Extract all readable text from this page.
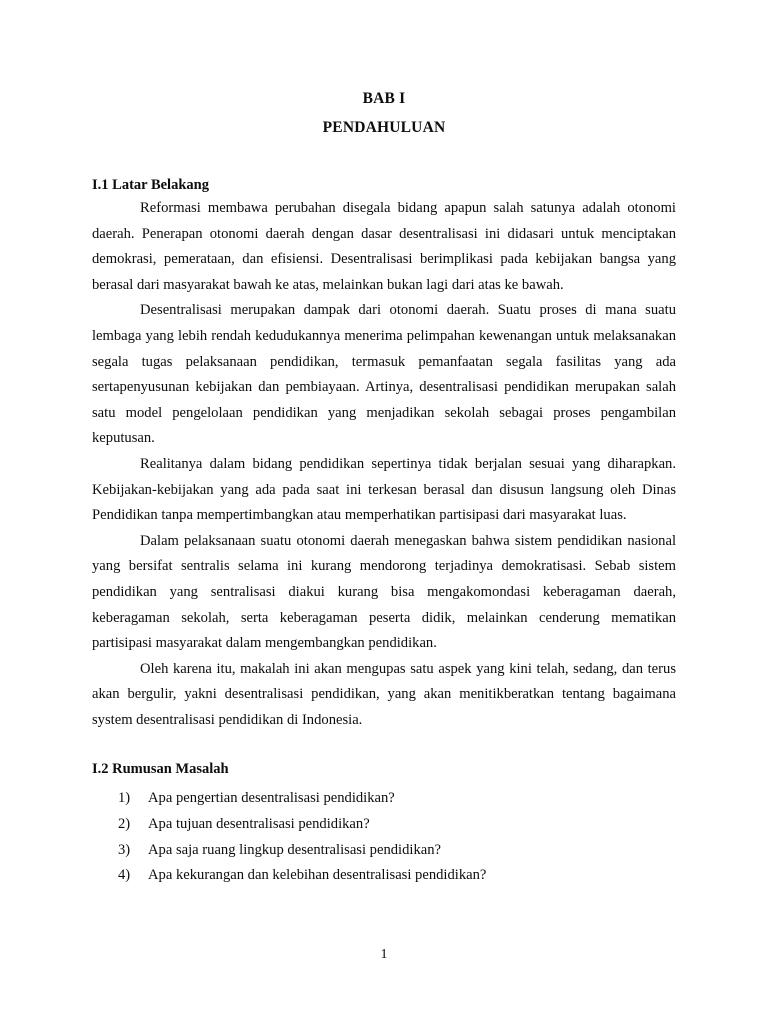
BAB I
PENDAHULUAN
I.1 Latar Belakang

Reformasi membawa perubahan disegala bidang apapun salah satunya adalah otonomi daerah. Penerapan otonomi daerah dengan dasar desentralisasi ini didasari untuk menciptakan demokrasi, pemerataan, dan efisiensi. Desentralisasi berimplikasi pada kebijakan bangsa yang berasal dari masyarakat bawah ke atas, melainkan bukan lagi dari atas ke bawah.

Desentralisasi merupakan dampak dari otonomi daerah. Suatu proses di mana suatu lembaga yang lebih rendah kedudukannya menerima pelimpahan kewenangan untuk melaksanakan segala tugas pelaksanaan pendidikan, termasuk pemanfaatan segala fasilitas yang ada sertapenyusunan kebijakan dan pembiayaan. Artinya, desentralisasi pendidikan merupakan salah satu model pengelolaan pendidikan yang menjadikan sekolah sebagai proses pengambilan keputusan.

Realitanya dalam bidang pendidikan sepertinya tidak berjalan sesuai yang diharapkan. Kebijakan-kebijakan yang ada pada saat ini terkesan berasal dan disusun langsung oleh Dinas Pendidikan tanpa mempertimbangkan atau memperhatikan partisipasi dari masyarakat luas.

Dalam pelaksanaan suatu otonomi daerah menegaskan bahwa sistem pendidikan nasional yang bersifat sentralis selama ini kurang mendorong terjadinya demokratisasi. Sebab sistem pendidikan yang sentralisasi diakui kurang bisa mengakomondasi keberagaman daerah, keberagaman sekolah, serta keberagaman peserta didik, melainkan cenderung mematikan partisipasi masyarakat dalam mengembangkan pendidikan.

Oleh karena itu, makalah ini akan mengupas satu aspek yang kini telah, sedang, dan terus akan bergulir, yakni desentralisasi pendidikan, yang akan menitikberatkan tentang bagaimana system desentralisasi pendidikan di Indonesia.

I.2 Rumusan Masalah
1)	Apa pengertian desentralisasi pendidikan?
2)	Apa tujuan desentralisasi pendidikan?
3)	Apa saja ruang lingkup desentralisasi pendidikan?
4)	Apa kekurangan dan kelebihan desentralisasi pendidikan?
1
